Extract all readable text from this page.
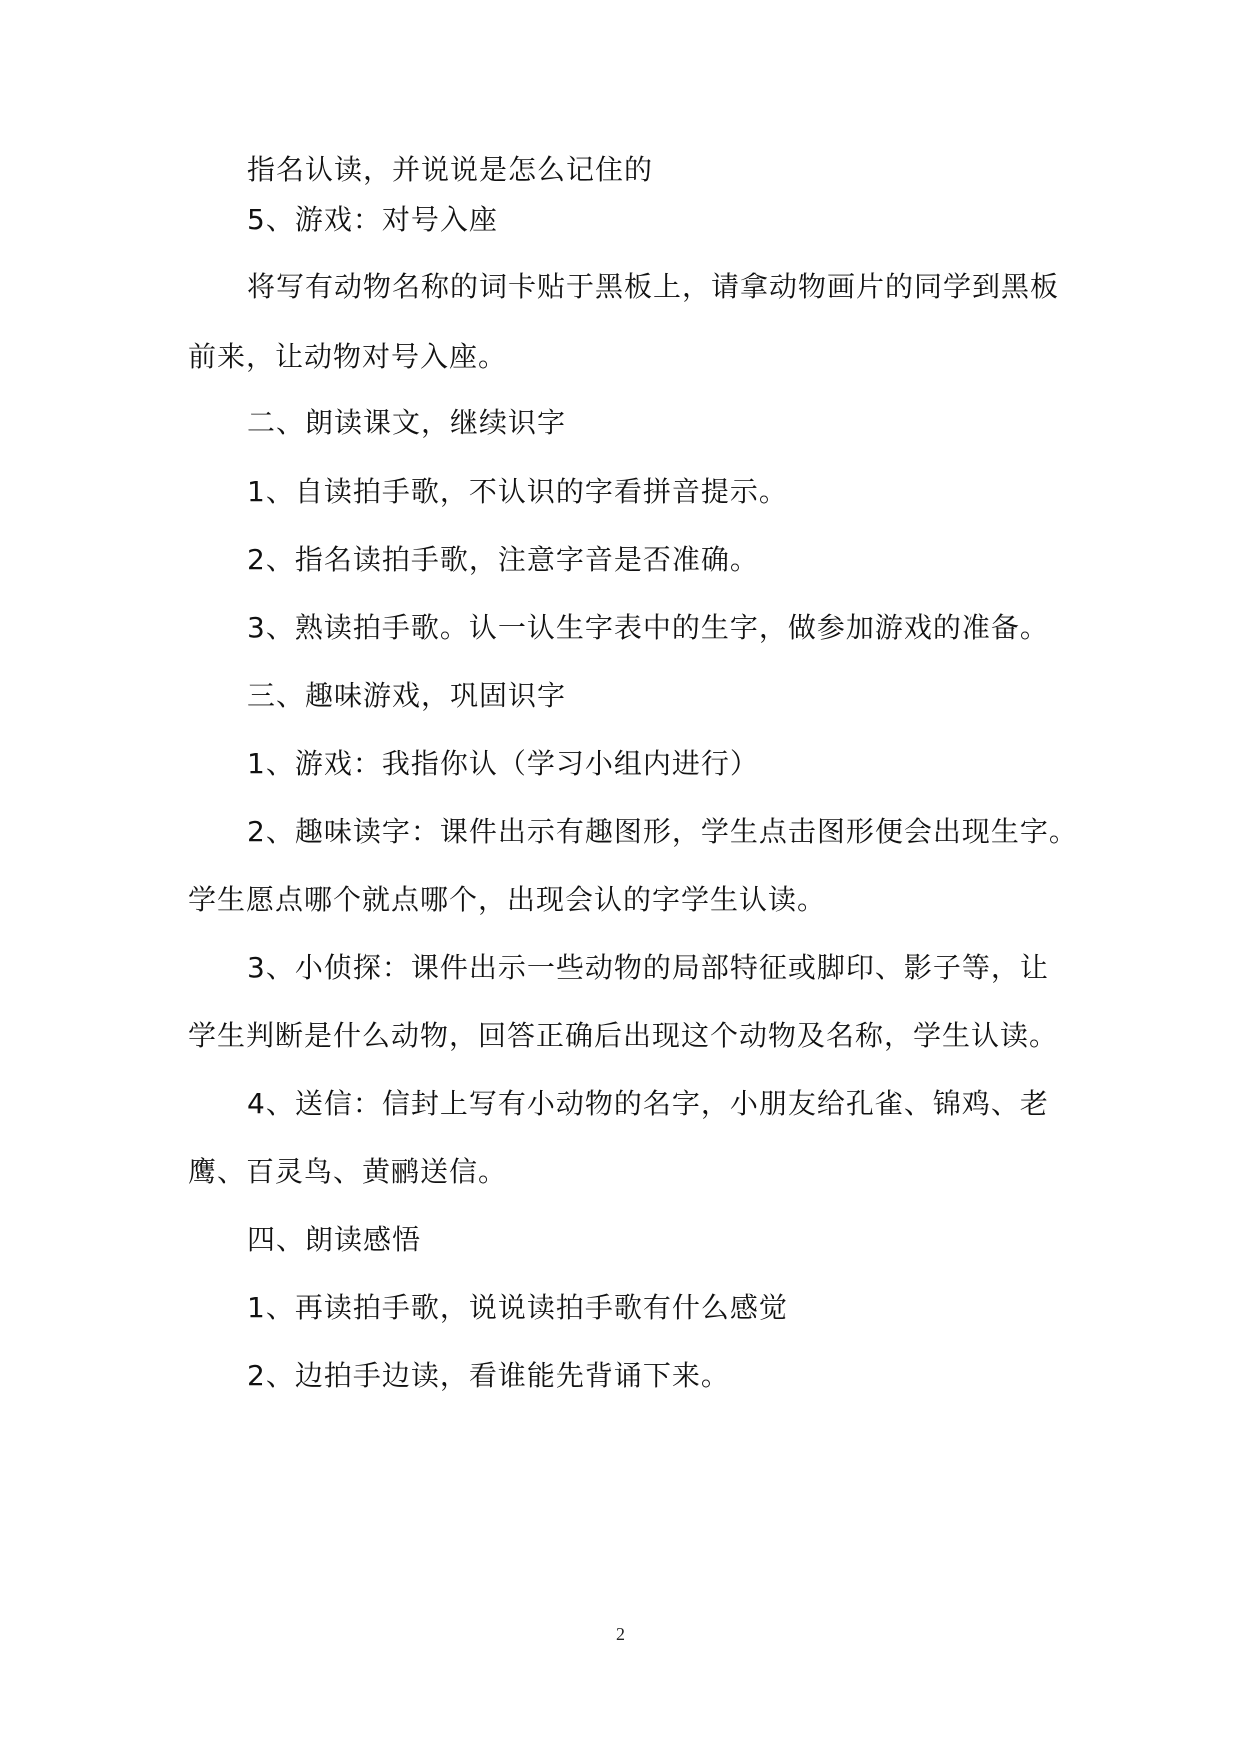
指名认读，并说说是怎么记住的
5、游戏：对号入座
将写有动物名称的词卡贴于黑板上，请拿动物画片的同学到黑板
前来，让动物对号入座。
二、朗读课文，继续识字
1、自读拍手歌，不认识的字看拼音提示。
2、指名读拍手歌，注意字音是否准确。
3、熟读拍手歌。认一认生字表中的生字，做参加游戏的准备。
三、趣味游戏，巩固识字
1、游戏：我指你认（学习小组内进行）
2、趣味读字：课件出示有趣图形，学生点击图形便会出现生字。
学生愿点哪个就点哪个，出现会认的字学生认读。
3、小侦探：课件出示一些动物的局部特征或脚印、影子等，让
学生判断是什么动物，回答正确后出现这个动物及名称，学生认读。
4、送信：信封上写有小动物的名字，小朋友给孔雀、锦鸡、老
鹰、百灵鸟、黄鹂送信。
四、朗读感悟
1、再读拍手歌，说说读拍手歌有什么感觉
2、边拍手边读，看谁能先背诵下来。
2
